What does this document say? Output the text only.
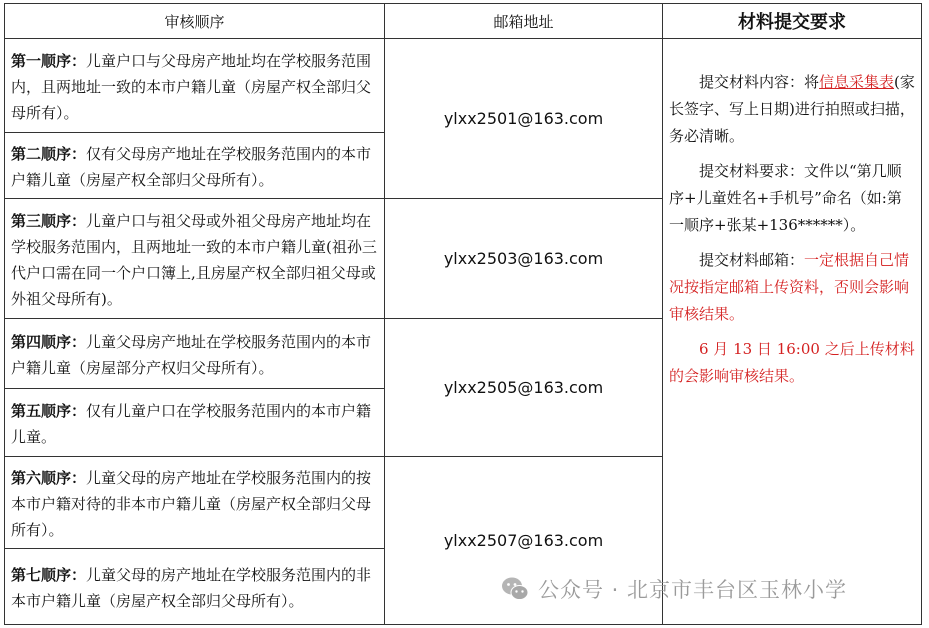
审核顺序	邮箱地址	材料提交要求
第一顺序：儿童户口与父母房产地址均在学校服务范围内，且两地址一致的本市户籍儿童（房屋产权全部归父母所有）。	ylxx2501@163.com	提交材料内容：将信息采集表(家长签字、写上日期)进行拍照或扫描，务必清晰。

提交材料要求：文件以“第几顺序+儿童姓名+手机号”命名（如:第一顺序+张某+136******）。

提交材料邮箱：一定根据自己情况按指定邮箱上传资料，否则会影响审核结果。

6 月 13 日 16:00 之后上传材料的会影响审核结果。

第二顺序：仅有父母房产地址在学校服务范围内的本市户籍儿童（房屋产权全部归父母所有）。		
第三顺序：儿童户口与祖父母或外祖父母房产地址均在学校服务范围内，且两地址一致的本市户籍儿童(祖孙三代户口需在同一个户口簿上,且房屋产权全部归祖父母或外祖父母所有)。	ylxx2503@163.com	
第四顺序：儿童父母房产地址在学校服务范围内的本市户籍儿童（房屋部分产权归父母所有）。	ylxx2505@163.com	
第五顺序：仅有儿童户口在学校服务范围内的本市户籍儿童。		
第六顺序：儿童父母的房产地址在学校服务范围内的按本市户籍对待的非本市户籍儿童（房屋产权全部归父母所有）。	ylxx2507@163.com	
第七顺序：儿童父母的房产地址在学校服务范围内的非本市户籍儿童（房屋产权全部归父母所有）。			公众号 · 北京市丰台区玉林小学
